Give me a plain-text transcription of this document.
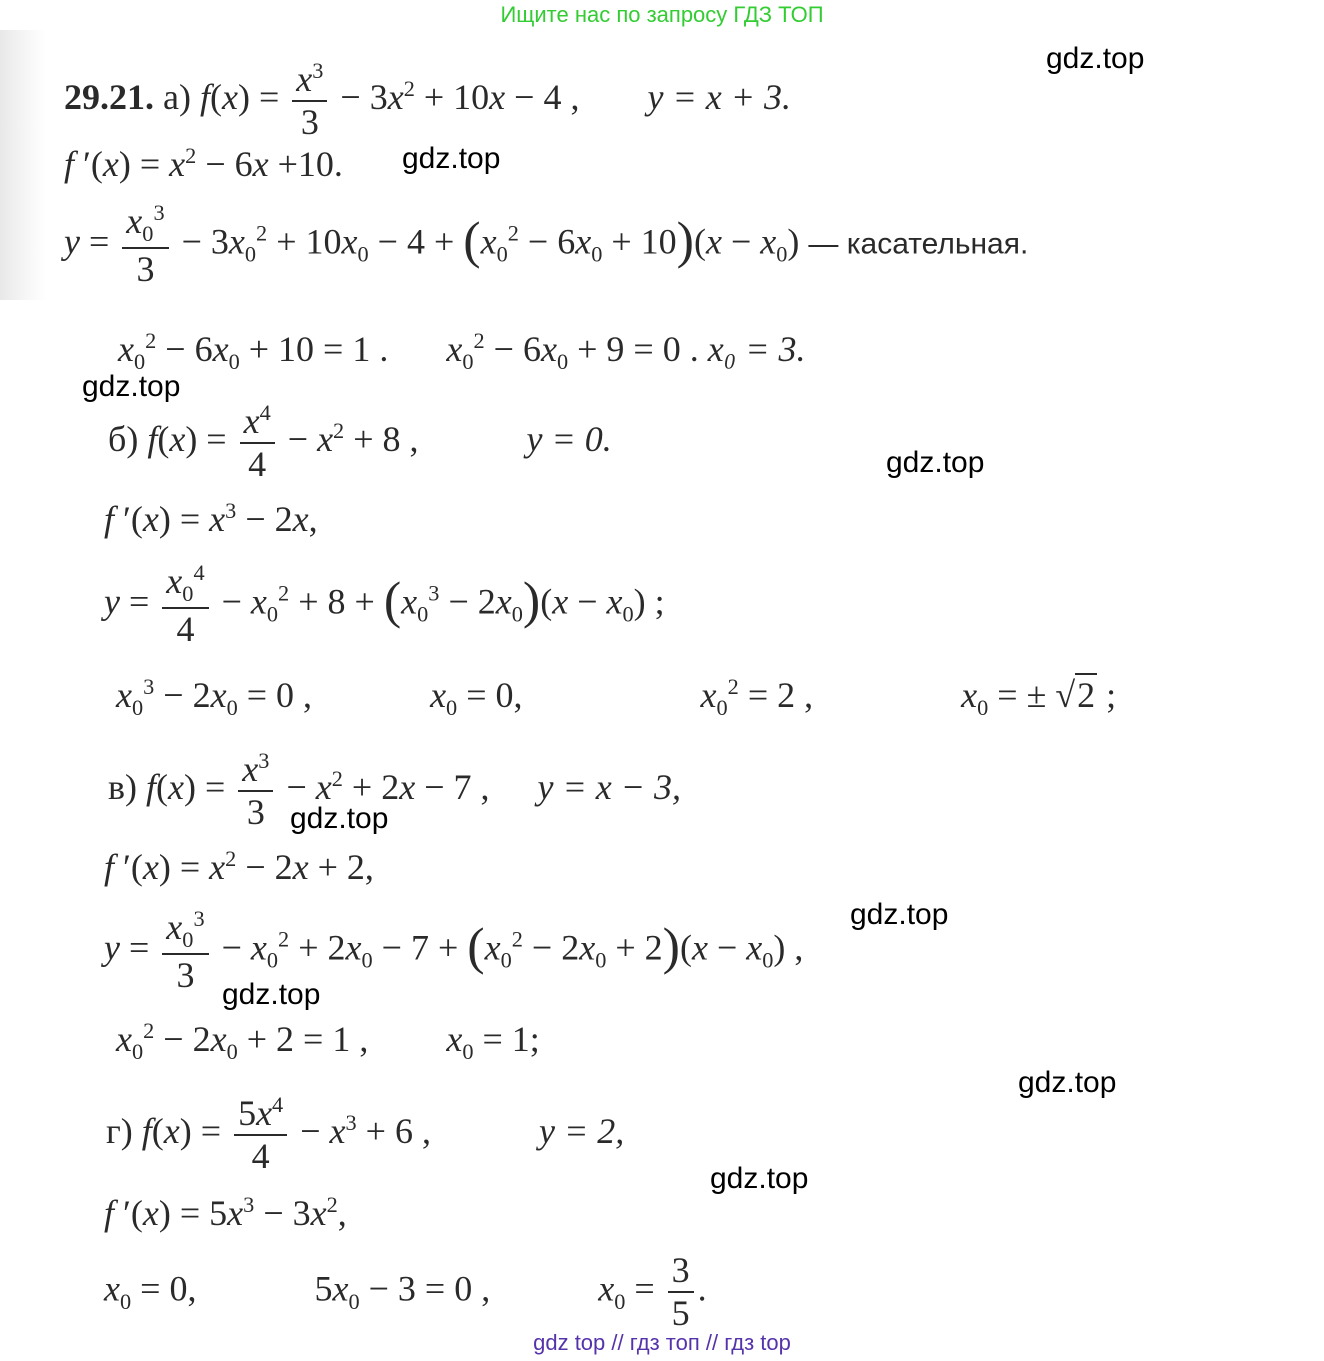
Ищите нас по запросу ГДЗ ТОП
29.21. а) $f(x) = \frac{x^3}{3} - 3x^2 + 10x - 4$ ,  y = x + 3.
f $'(x) = x^2 - 6x +10$.
$y = \frac{x_0^3}{3} - 3x_0^2 + 10x_0 - 4 + (x_0^2 - 6x_0 + 10)(x - x_0)$ — касательная.
$x_0^2 - 6x_0 + 10 = 1$ .  $x_0^2 - 6x_0 + 9 = 0$ . x₀ = 3.
б) $f(x) = \frac{x^4}{4} - x^2 + 8$ ,	y = 0.
f $'(x) = x^3 - 2x$,
$y = \frac{x_0^4}{4} - x_0^2 + 8 + (x_0^3 - 2x_0)(x - x_0)$ ;
$x_0^3 - 2x_0 = 0$ ,	$x_0 = 0$,	$x_0^2 = 2$ ,	$x_0$ = ± √2 ;
в) $f(x) = \frac{x^3}{3} - x^2 + 2x - 7$ ,  y = x − 3,
f $'(x) = x^2 - 2x + 2$,
$y = \frac{x_0^3}{3} - x_0^2 + 2x_0 - 7 + (x_0^2 - 2x_0 + 2)(x - x_0)$ ,
$x_0^2 - 2x_0 + 2 = 1$ ,  $x_0 = 1$;
г) $f(x) = \frac{5x^4}{4} - x^3 + 6$ ,	y = 2,
f $'(x) = 5x^3 - 3x^2$,
$x_0 = 0$,	$5x_0 - 3 = 0$ ,	$x_0 = \frac{3}{5}$ .
gdz.top
gdz.top
gdz.top
gdz.top
gdz.top
gdz.top
gdz.top
gdz.top
gdz.top
gdz top // гдз топ // гдз top
